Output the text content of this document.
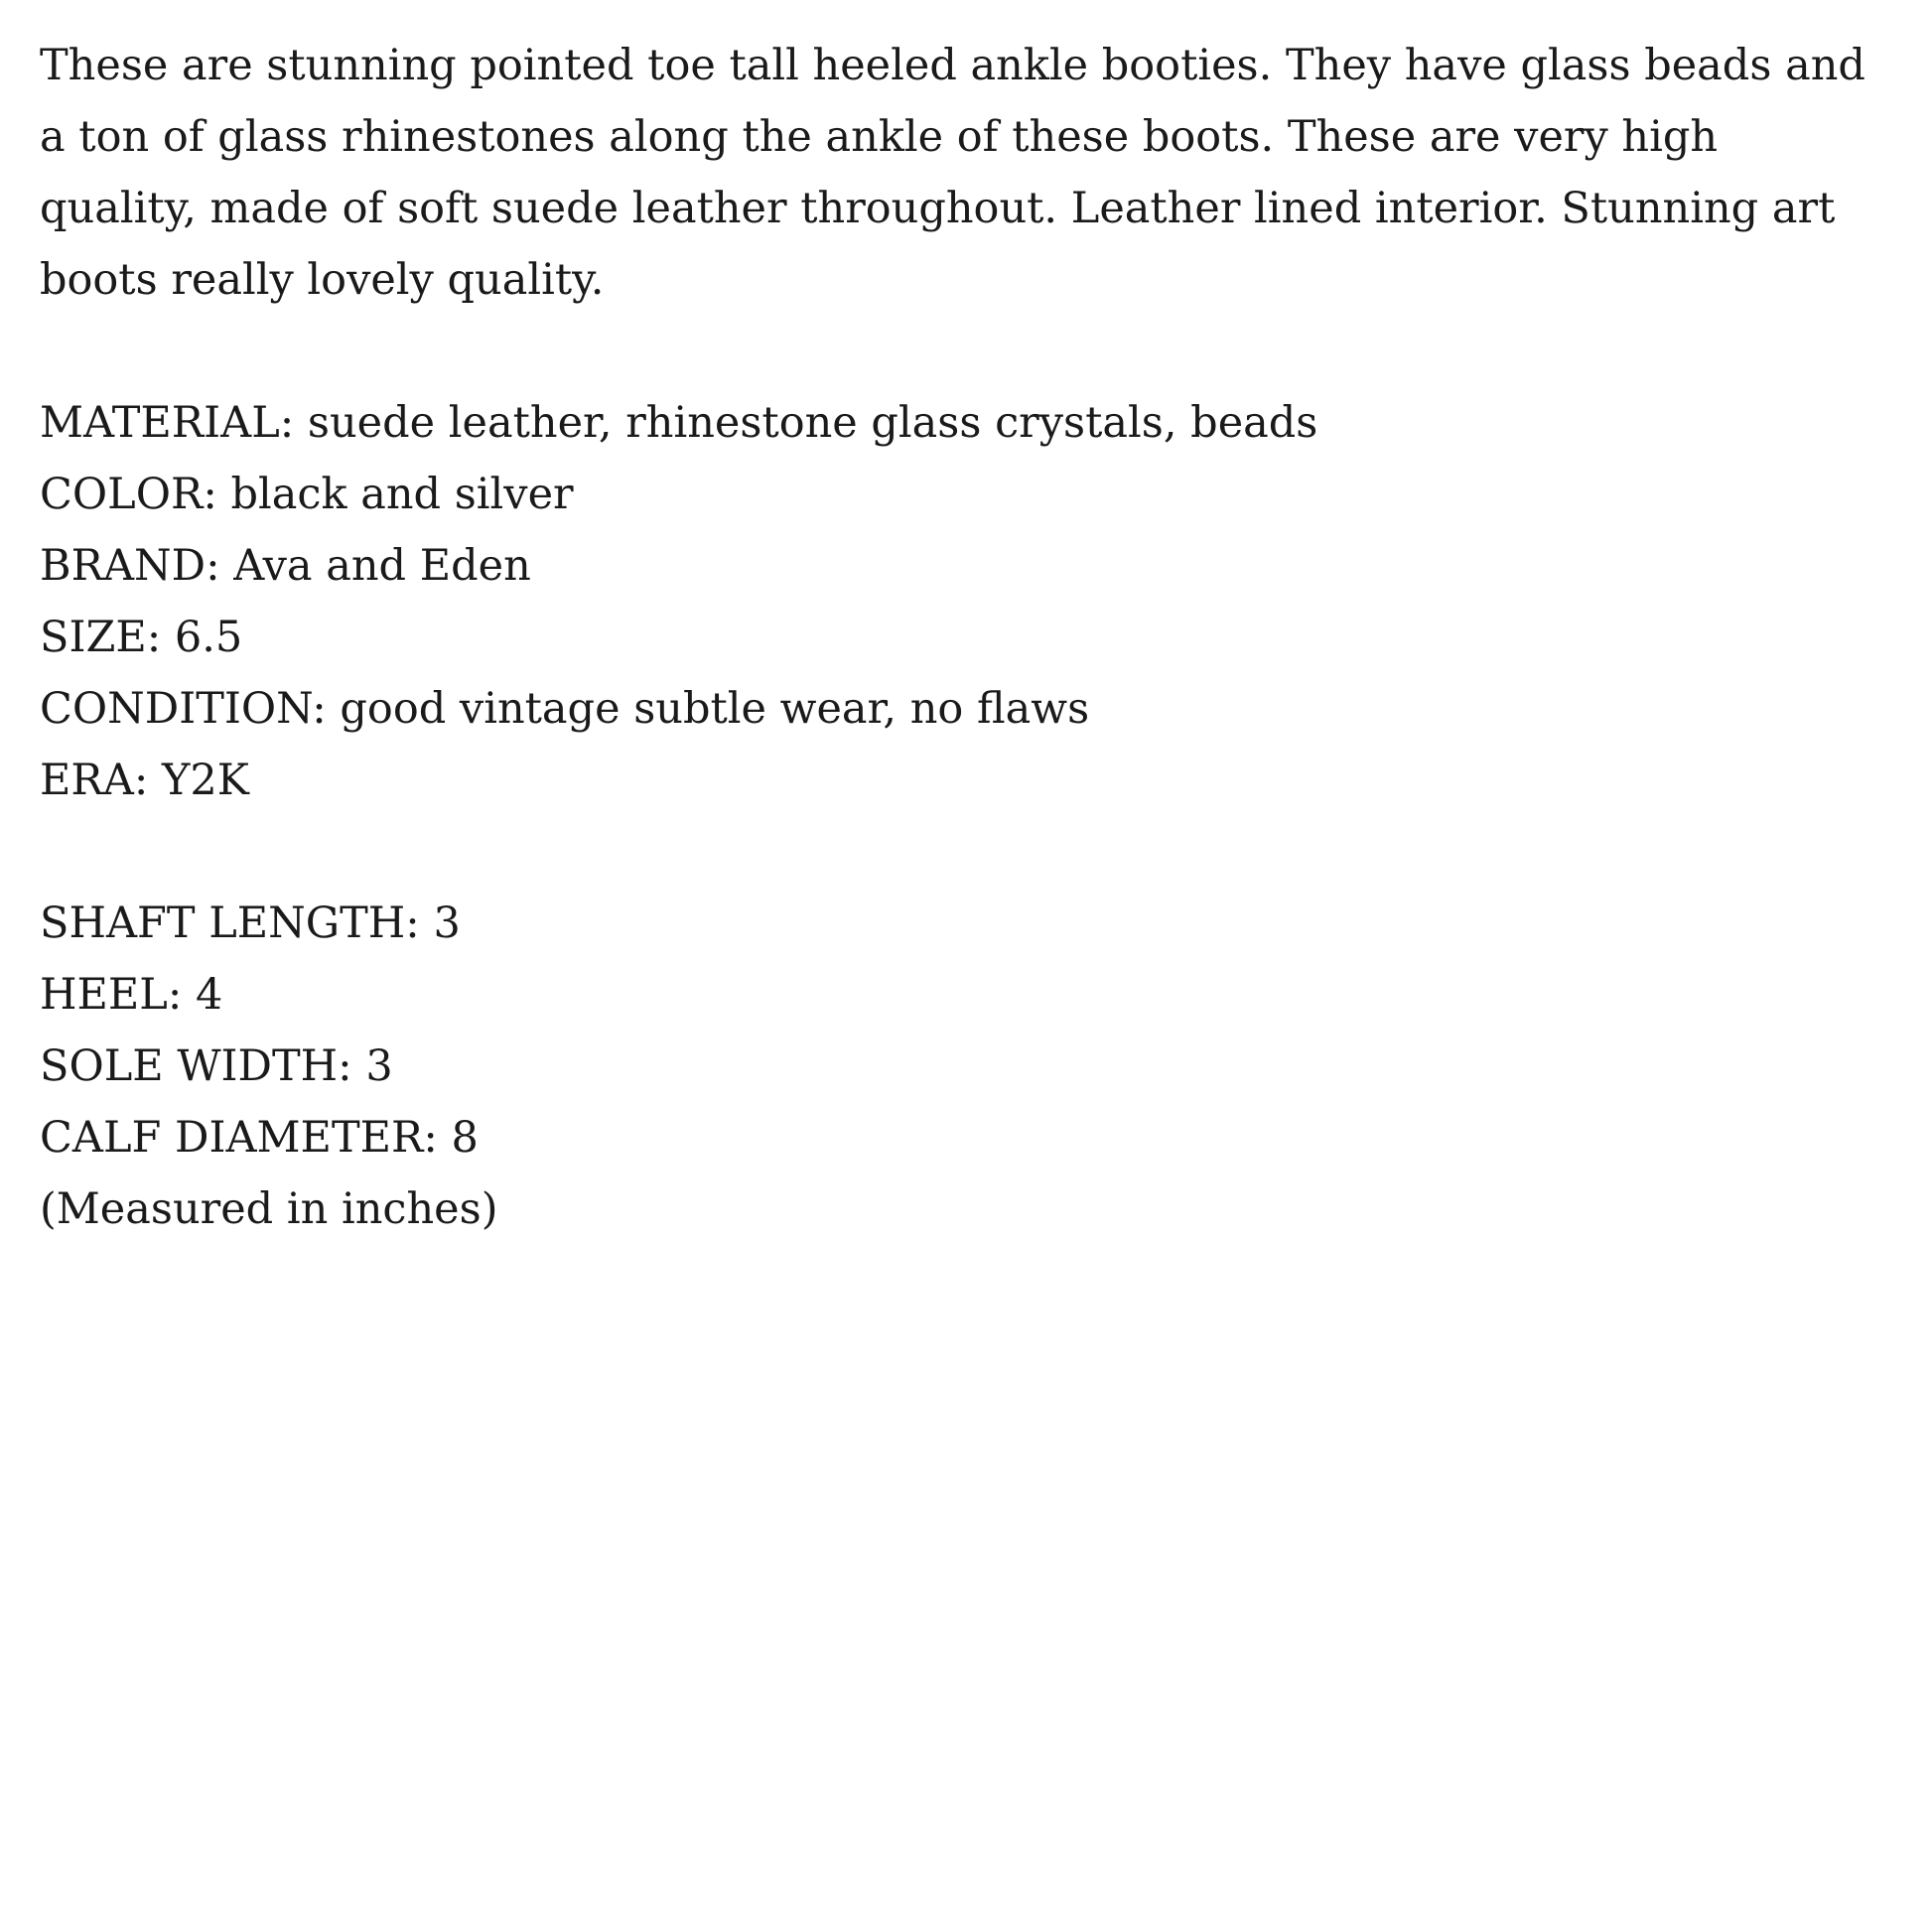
These are stunning pointed toe tall heeled ankle booties. They have glass beads and
a ton of glass rhinestones along the ankle of these boots. These are very high
quality, made of soft suede leather throughout. Leather lined interior. Stunning art
boots really lovely quality.

MATERIAL: suede leather, rhinestone glass crystals, beads
COLOR: black and silver
BRAND: Ava and Eden
SIZE: 6.5
CONDITION: good vintage subtle wear, no flaws
ERA: Y2K

SHAFT LENGTH: 3
HEEL: 4
SOLE WIDTH: 3
CALF DIAMETER: 8
(Measured in inches)
